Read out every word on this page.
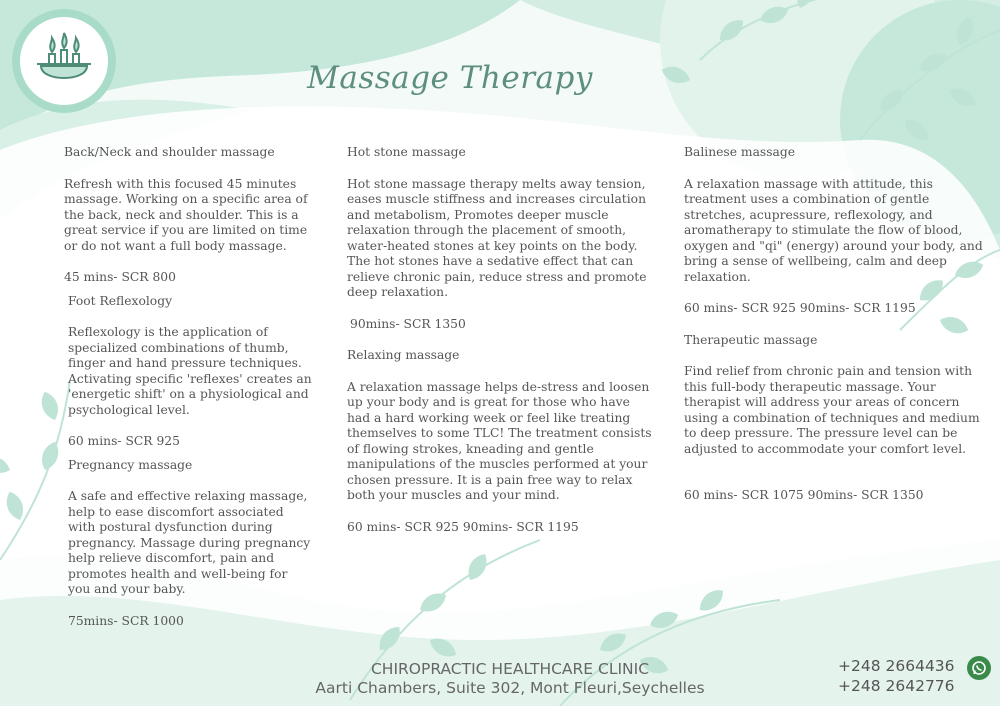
Massage Therapy

Back/Neck and shoulder massage

Refresh with this focused 45 minutes massage. Working on a specific area of the back, neck and shoulder. This is a great service if you are limited on time or do not want a full body massage.

45 mins- SCR 800

Foot Reflexology

Reflexology is the application of specialized combinations of thumb, finger and hand pressure techniques. Activating specific 'reflexes' creates an 'energetic shift' on a physiological and psychological level.

60 mins- SCR 925

Pregnancy massage

A safe and effective relaxing massage, help to ease discomfort associated with postural dysfunction during pregnancy. Massage during pregnancy help relieve discomfort, pain and promotes health and well-being for you and your baby.

75mins- SCR 1000

Hot stone massage

Hot stone massage therapy melts away tension, eases muscle stiffness and increases circulation and metabolism, Promotes deeper muscle relaxation through the placement of smooth, water-heated stones at key points on the body. The hot stones have a sedative effect that can relieve chronic pain, reduce stress and promote deep relaxation.

90mins- SCR 1350

Relaxing massage

A relaxation massage helps de-stress and loosen up your body and is great for those who have had a hard working week or feel like treating themselves to some TLC! The treatment consists of flowing strokes, kneading and gentle manipulations of the muscles performed at your chosen pressure. It is a pain free way to relax both your muscles and your mind.

60 mins- SCR 925 90mins- SCR 1195

Balinese massage

A relaxation massage with attitude, this treatment uses a combination of gentle stretches, acupressure, reflexology, and aromatherapy to stimulate the flow of blood, oxygen and "qi" (energy) around your body, and bring a sense of wellbeing, calm and deep relaxation.

60 mins- SCR 925 90mins- SCR 1195

Therapeutic massage

Find relief from chronic pain and tension with this full-body therapeutic massage. Your therapist will address your areas of concern using a combination of techniques and medium to deep pressure. The pressure level can be adjusted to accommodate your comfort level.

60 mins- SCR 1075 90mins- SCR 1350

CHIROPRACTIC HEALTHCARE CLINIC
Aarti Chambers, Suite 302, Mont Fleuri,Seychelles
+248 2664436
+248 2642776
